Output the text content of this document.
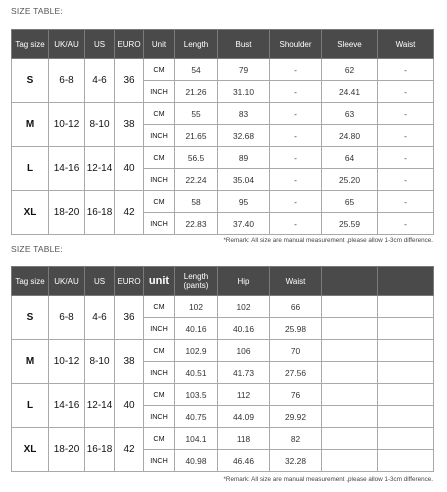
SIZE TABLE:
Tag size	UK/AU	US	EURO	Unit	Length	Bust	Shoulder	Sleeve	Waist
S	6-8	4-6	36	CM	54	79	-	62	-
				INCH	21.26	31.10	-	24.41	-
M	10-12	8-10	38	CM	55	83	-	63	-
				INCH	21.65	32.68	-	24.80	-
L	14-16	12-14	40	CM	56.5	89	-	64	-
				INCH	22.24	35.04	-	25.20	-
XL	18-20	16-18	42	CM	58	95	-	65	-
				INCH	22.83	37.40	-	25.59	-
*Remark: All size are manual measurement ,please allow 1-3cm difference.
SIZE TABLE:
Tag size	UK/AU	US	EURO	unit	Length (pants)	Hip	Waist		
S	6-8	4-6	36	CM	102	102	66		
				INCH	40.16	40.16	25.98		
M	10-12	8-10	38	CM	102.9	106	70		
				INCH	40.51	41.73	27.56		
L	14-16	12-14	40	CM	103.5	112	76		
				INCH	40.75	44.09	29.92		
XL	18-20	16-18	42	CM	104.1	118	82		
				INCH	40.98	46.46	32.28		
*Remark: All size are manual measurement ,please allow 1-3cm difference.
